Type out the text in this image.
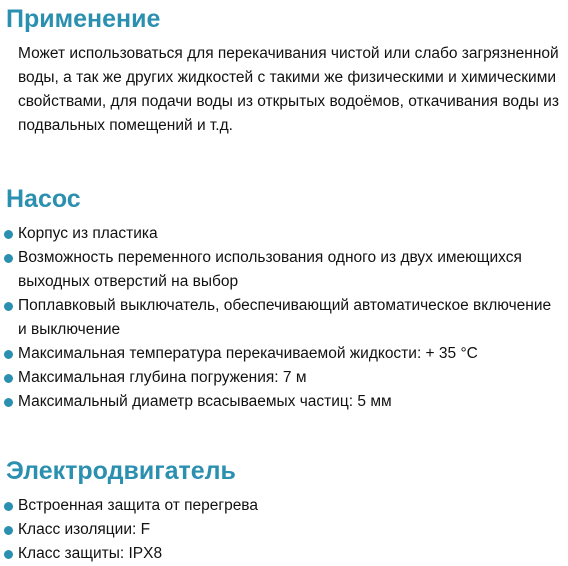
Применение

Может использоваться для перекачивания чистой или слабо загрязненной воды, а так же других жидкостей с такими же физическими и химическими свойствами, для подачи воды из открытых водоёмов, откачивания воды из подвальных помещений и т.д.

Насос
Корпус из пластика
Возможность переменного использования одного из двух имеющихся выходных отверстий на выбор
Поплавковый выключатель, обеспечивающий автоматическое включение и выключение
Максимальная температура перекачиваемой жидкости: + 35 °C
Максимальная глубина погружения: 7 м
Максимальный диаметр всасываемых частиц: 5 мм
Электродвигатель
Встроенная защита от перегрева
Класс изоляции: F
Класс защиты: IPX8
